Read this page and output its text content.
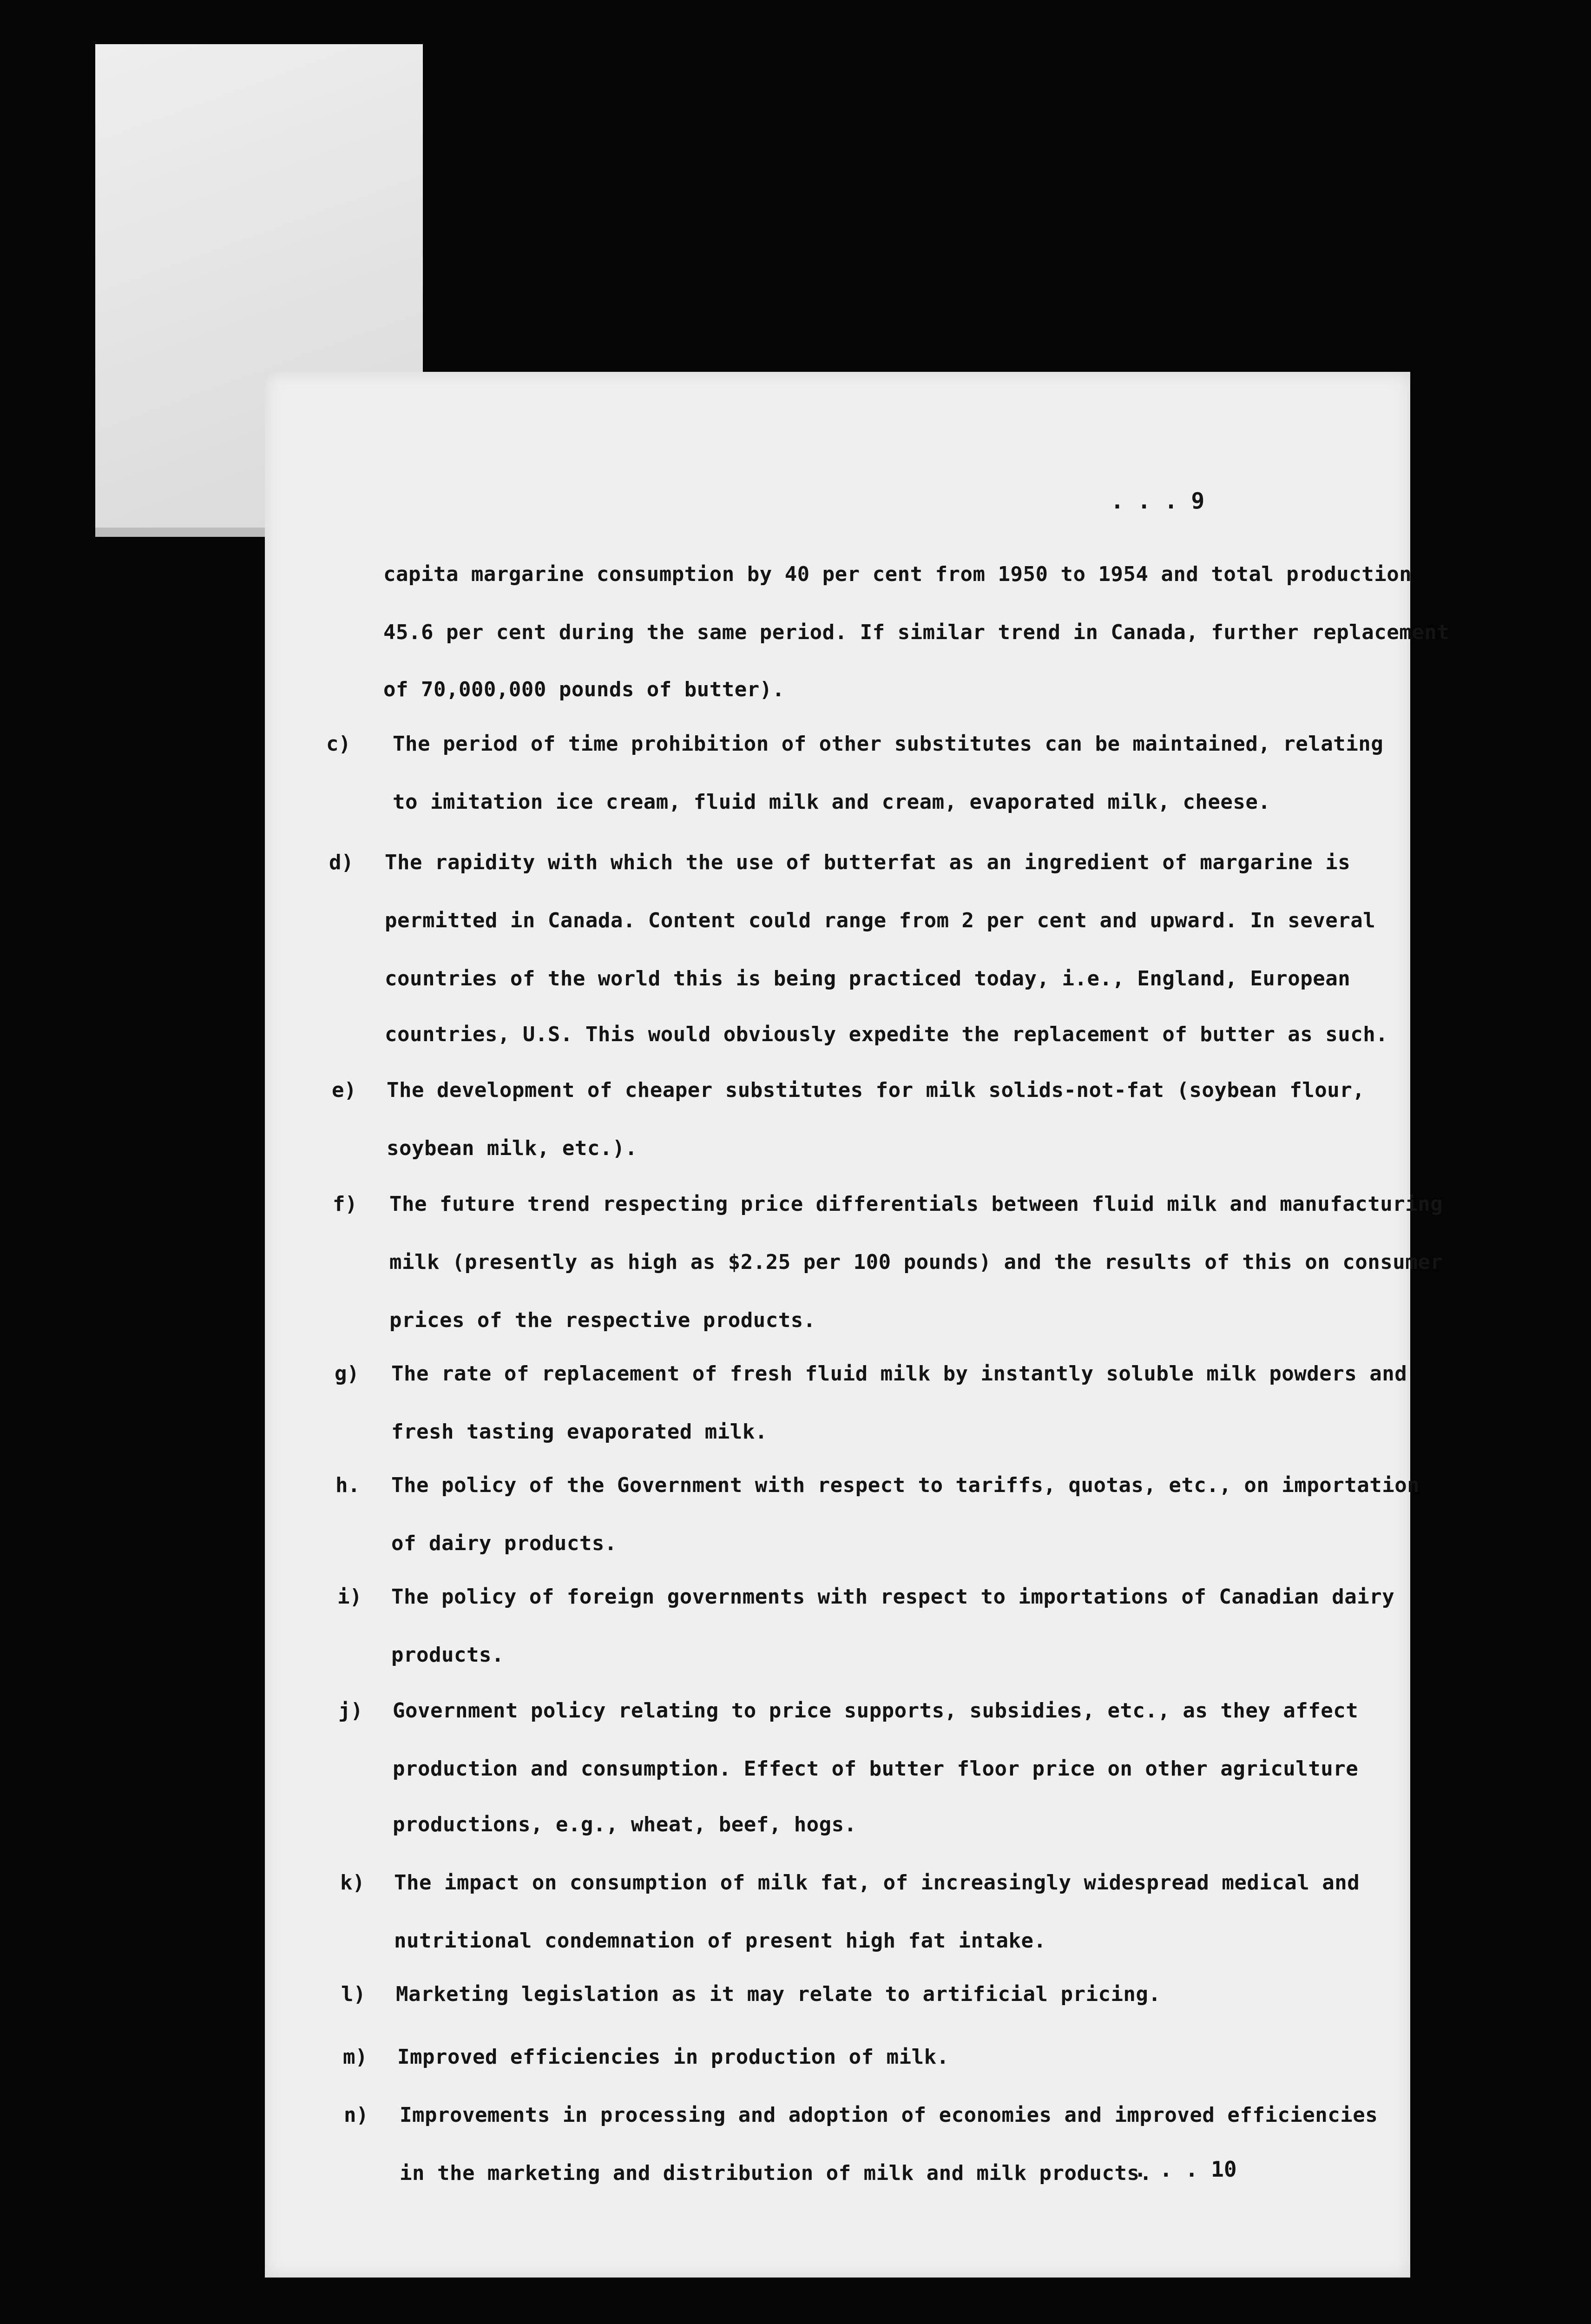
. . . 9
capita margarine consumption by 40 per cent from 1950 to 1954 and total production
45.6 per cent during the same period. If similar trend in Canada, further replacement
of 70,000,000 pounds of butter).
c) The period of time prohibition of other substitutes can be maintained, relating
to imitation ice cream, fluid milk and cream, evaporated milk, cheese.
d) The rapidity with which the use of butterfat as an ingredient of margarine is
permitted in Canada. Content could range from 2 per cent and upward. In several
countries of the world this is being practiced today, i.e., England, European
countries, U.S. This would obviously expedite the replacement of butter as such.
e) The development of cheaper substitutes for milk solids-not-fat (soybean flour,
soybean milk, etc.).
f) The future trend respecting price differentials between fluid milk and manufacturing
milk (presently as high as $2.25 per 100 pounds) and the results of this on consumer
prices of the respective products.
g) The rate of replacement of fresh fluid milk by instantly soluble milk powders and
fresh tasting evaporated milk.
h. The policy of the Government with respect to tariffs, quotas, etc., on importation
of dairy products.
i) The policy of foreign governments with respect to importations of Canadian dairy
products.
j) Government policy relating to price supports, subsidies, etc., as they affect
production and consumption. Effect of butter floor price on other agriculture
productions, e.g., wheat, beef, hogs.
k) The impact on consumption of milk fat, of increasingly widespread medical and
nutritional condemnation of present high fat intake.
l) Marketing legislation as it may relate to artificial pricing.
m) Improved efficiencies in production of milk.
n) Improvements in processing and adoption of economies and improved efficiencies
in the marketing and distribution of milk and milk products.
. . . 10
